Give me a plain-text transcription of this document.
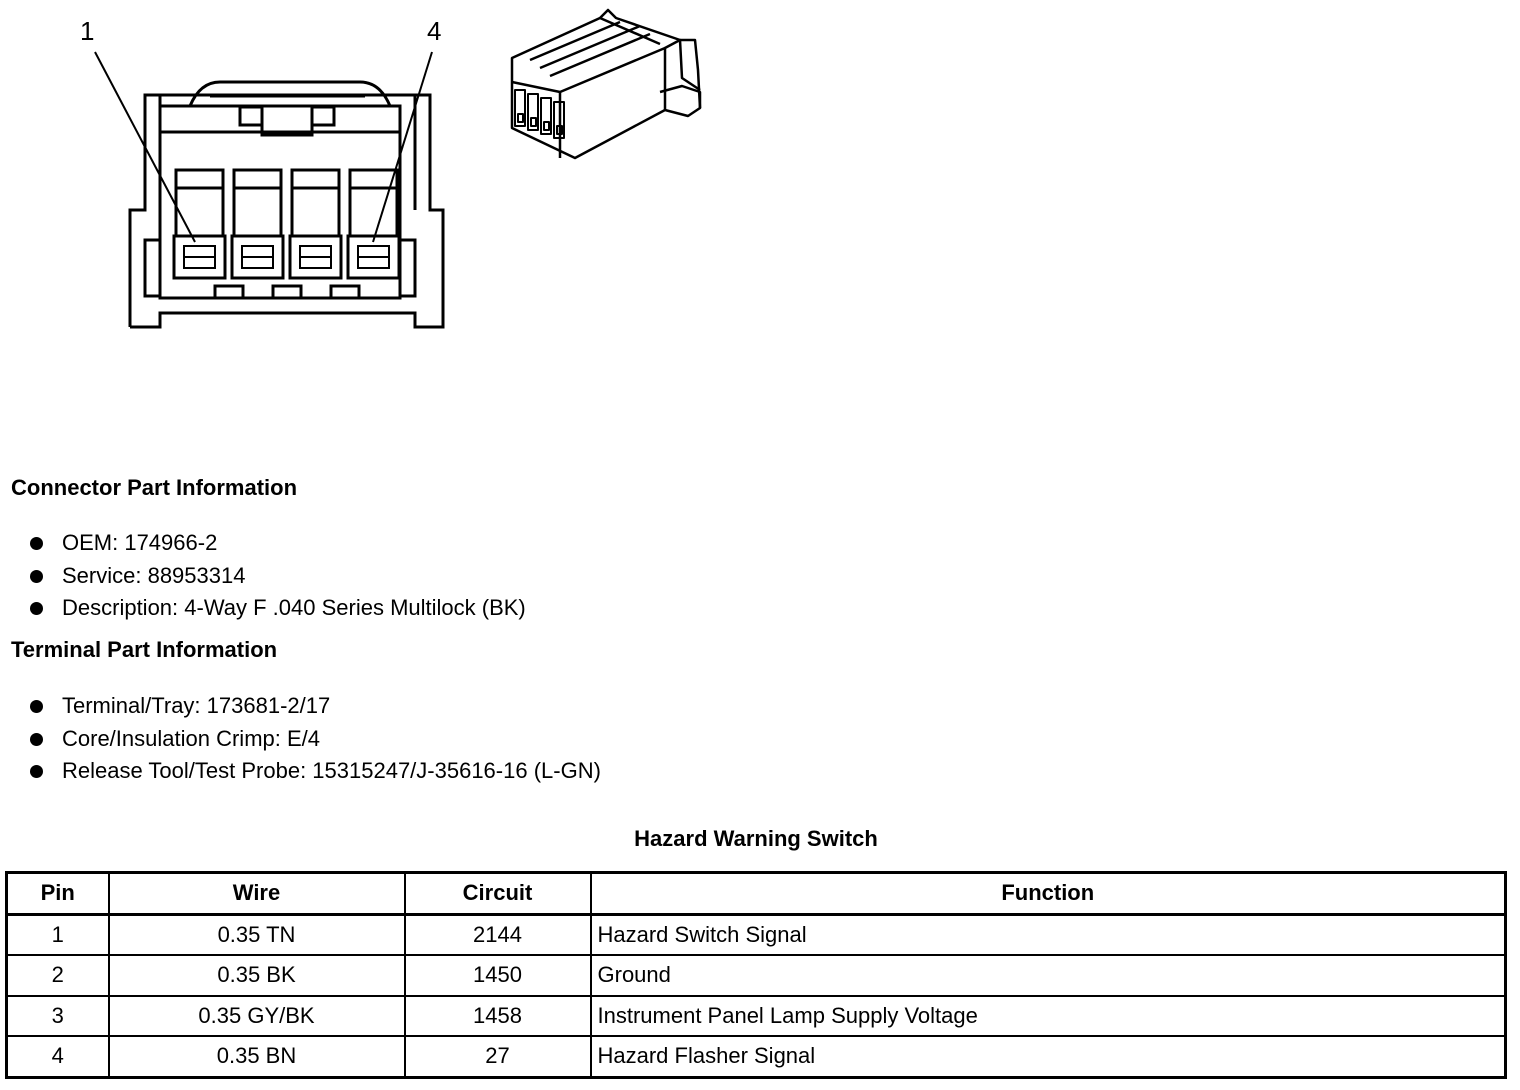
1	4
Connector Part Information
OEM: 174966-2
Service: 88953314
Description: 4-Way F .040 Series Multilock (BK)
Terminal Part Information
Terminal/Tray: 173681-2/17
Core/Insulation Crimp: E/4
Release Tool/Test Probe: 15315247/J-35616-16 (L-GN)
Hazard Warning Switch
Pin	Wire	Circuit	Function
1	0.35 TN	2144	Hazard Switch Signal
2	0.35 BK	1450	Ground
3	0.35 GY/BK	1458	Instrument Panel Lamp Supply Voltage
4	0.35 BN	27	Hazard Flasher Signal
